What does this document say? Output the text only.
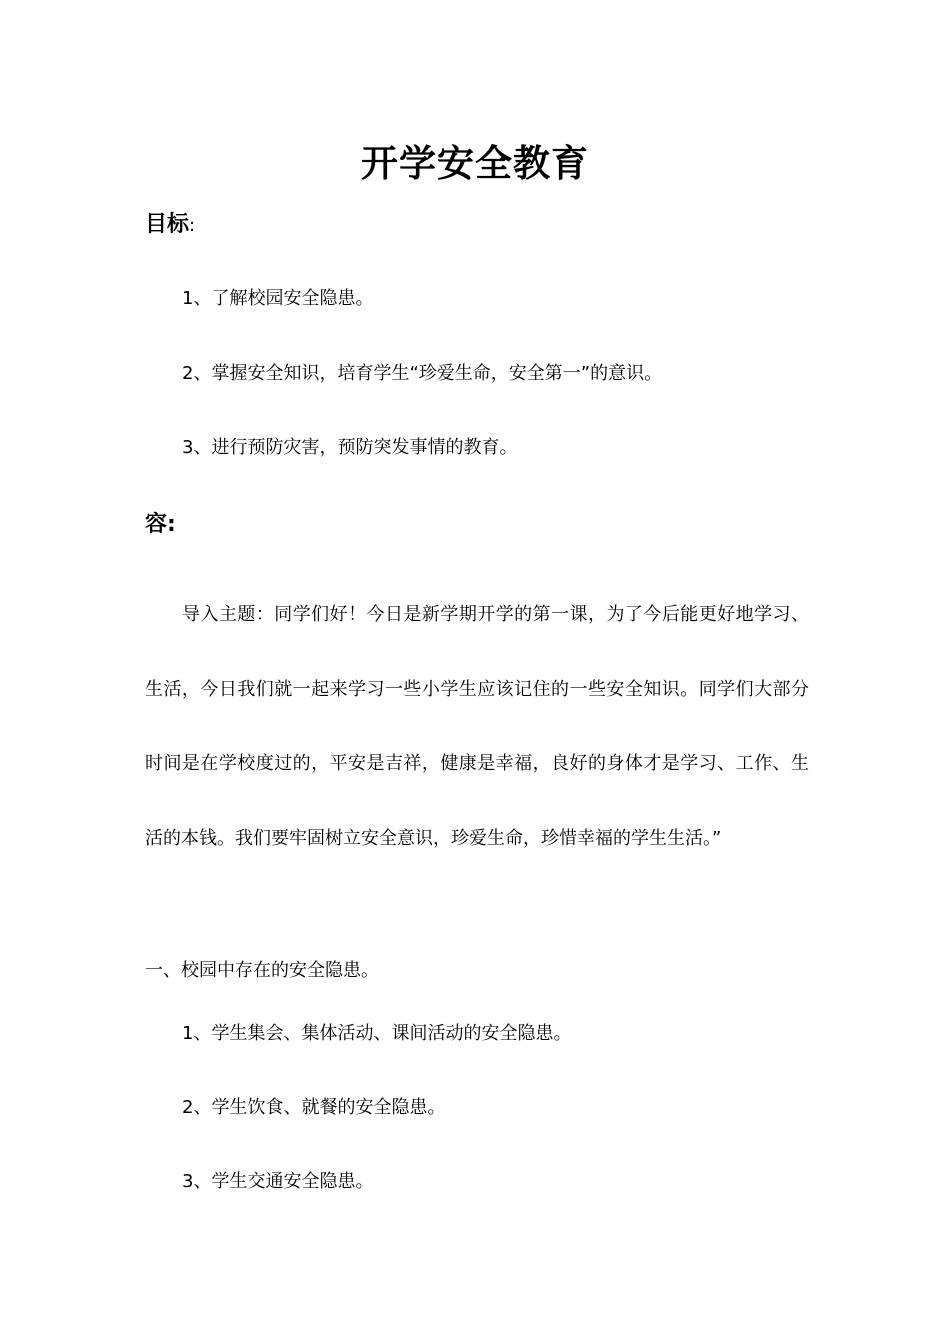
开学安全教育
目标:
1、了解校园安全隐患。
2、掌握安全知识，培育学生“珍爱生命，安全第一”的意识。
3、进行预防灾害，预防突发事情的教育。
容:
导入主题：同学们好！今日是新学期开学的第一课，为了今后能更好地学习、生活，今日我们就一起来学习一些小学生应该记住的一些安全知识。同学们大部分时间是在学校度过的，平安是吉祥，健康是幸福，良好的身体才是学习、工作、生活的本钱。我们要牢固树立安全意识，珍爱生命，珍惜幸福的学生生活。”
一、校园中存在的安全隐患。
1、学生集会、集体活动、课间活动的安全隐患。
2、学生饮食、就餐的安全隐患。
3、学生交通安全隐患。
